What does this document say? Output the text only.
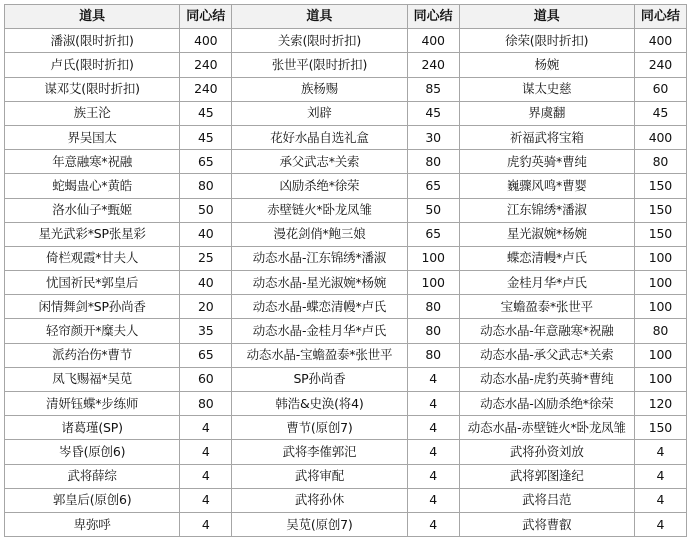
道具	同心结	道具	同心结	道具	同心结
潘淑(限时折扣)	400	关索(限时折扣)	400	徐荣(限时折扣)	400
卢氏(限时折扣)	240	张世平(限时折扣)	240	杨婉	240
谋邓艾(限时折扣)	240	族杨赐	85	谋太史慈	60
族王沦	45	刘辟	45	界虞翻	45
界吴国太	45	花好水晶自选礼盒	30	祈福武将宝箱	400
年意融寒*祝融	65	承父武志*关索	80	虎豹英骑*曹纯	80
蛇蝎蛊心*黄皓	80	凶励杀绝*徐荣	65	巍骤风鸣*曹婴	150
洛水仙子*甄姬	50	赤壁链火*卧龙凤雏	50	江东锦绣*潘淑	150
星光武彩*SP张星彩	40	漫花剑俏*鲍三娘	65	星光淑婉*杨婉	150
倚栏观霞*甘夫人	25	动态水晶-江东锦绣*潘淑	100	蝶恋清幔*卢氏	100
忧国祈民*郭皇后	40	动态水晶-星光淑婉*杨婉	100	金桂月华*卢氏	100
闲情舞剑*SP孙尚香	20	动态水晶-蝶恋清幔*卢氏	80	宝蟾盈泰*张世平	100
轻帘颜开*糜夫人	35	动态水晶-金桂月华*卢氏	80	动态水晶-年意融寒*祝融	80
派药治伤*曹节	65	动态水晶-宝蟾盈泰*张世平	80	动态水晶-承父武志*关索	100
凤飞赐福*吴苋	60	SP孙尚香	4	动态水晶-虎豹英骑*曹纯	100
清妍钰蝶*步练师	80	韩浩&史涣(将4)	4	动态水晶-凶励杀绝*徐荣	120
诸葛瑾(SP)	4	曹节(原创7)	4	动态水晶-赤壁链火*卧龙凤雏	150
岑昏(原创6)	4	武将李傕郭汜	4	武将孙资刘放	4
武将薛综	4	武将审配	4	武将郭图逢纪	4
郭皇后(原创6)	4	武将孙休	4	武将吕范	4
卑弥呼	4	吴苋(原创7)	4	武将曹叡	4
